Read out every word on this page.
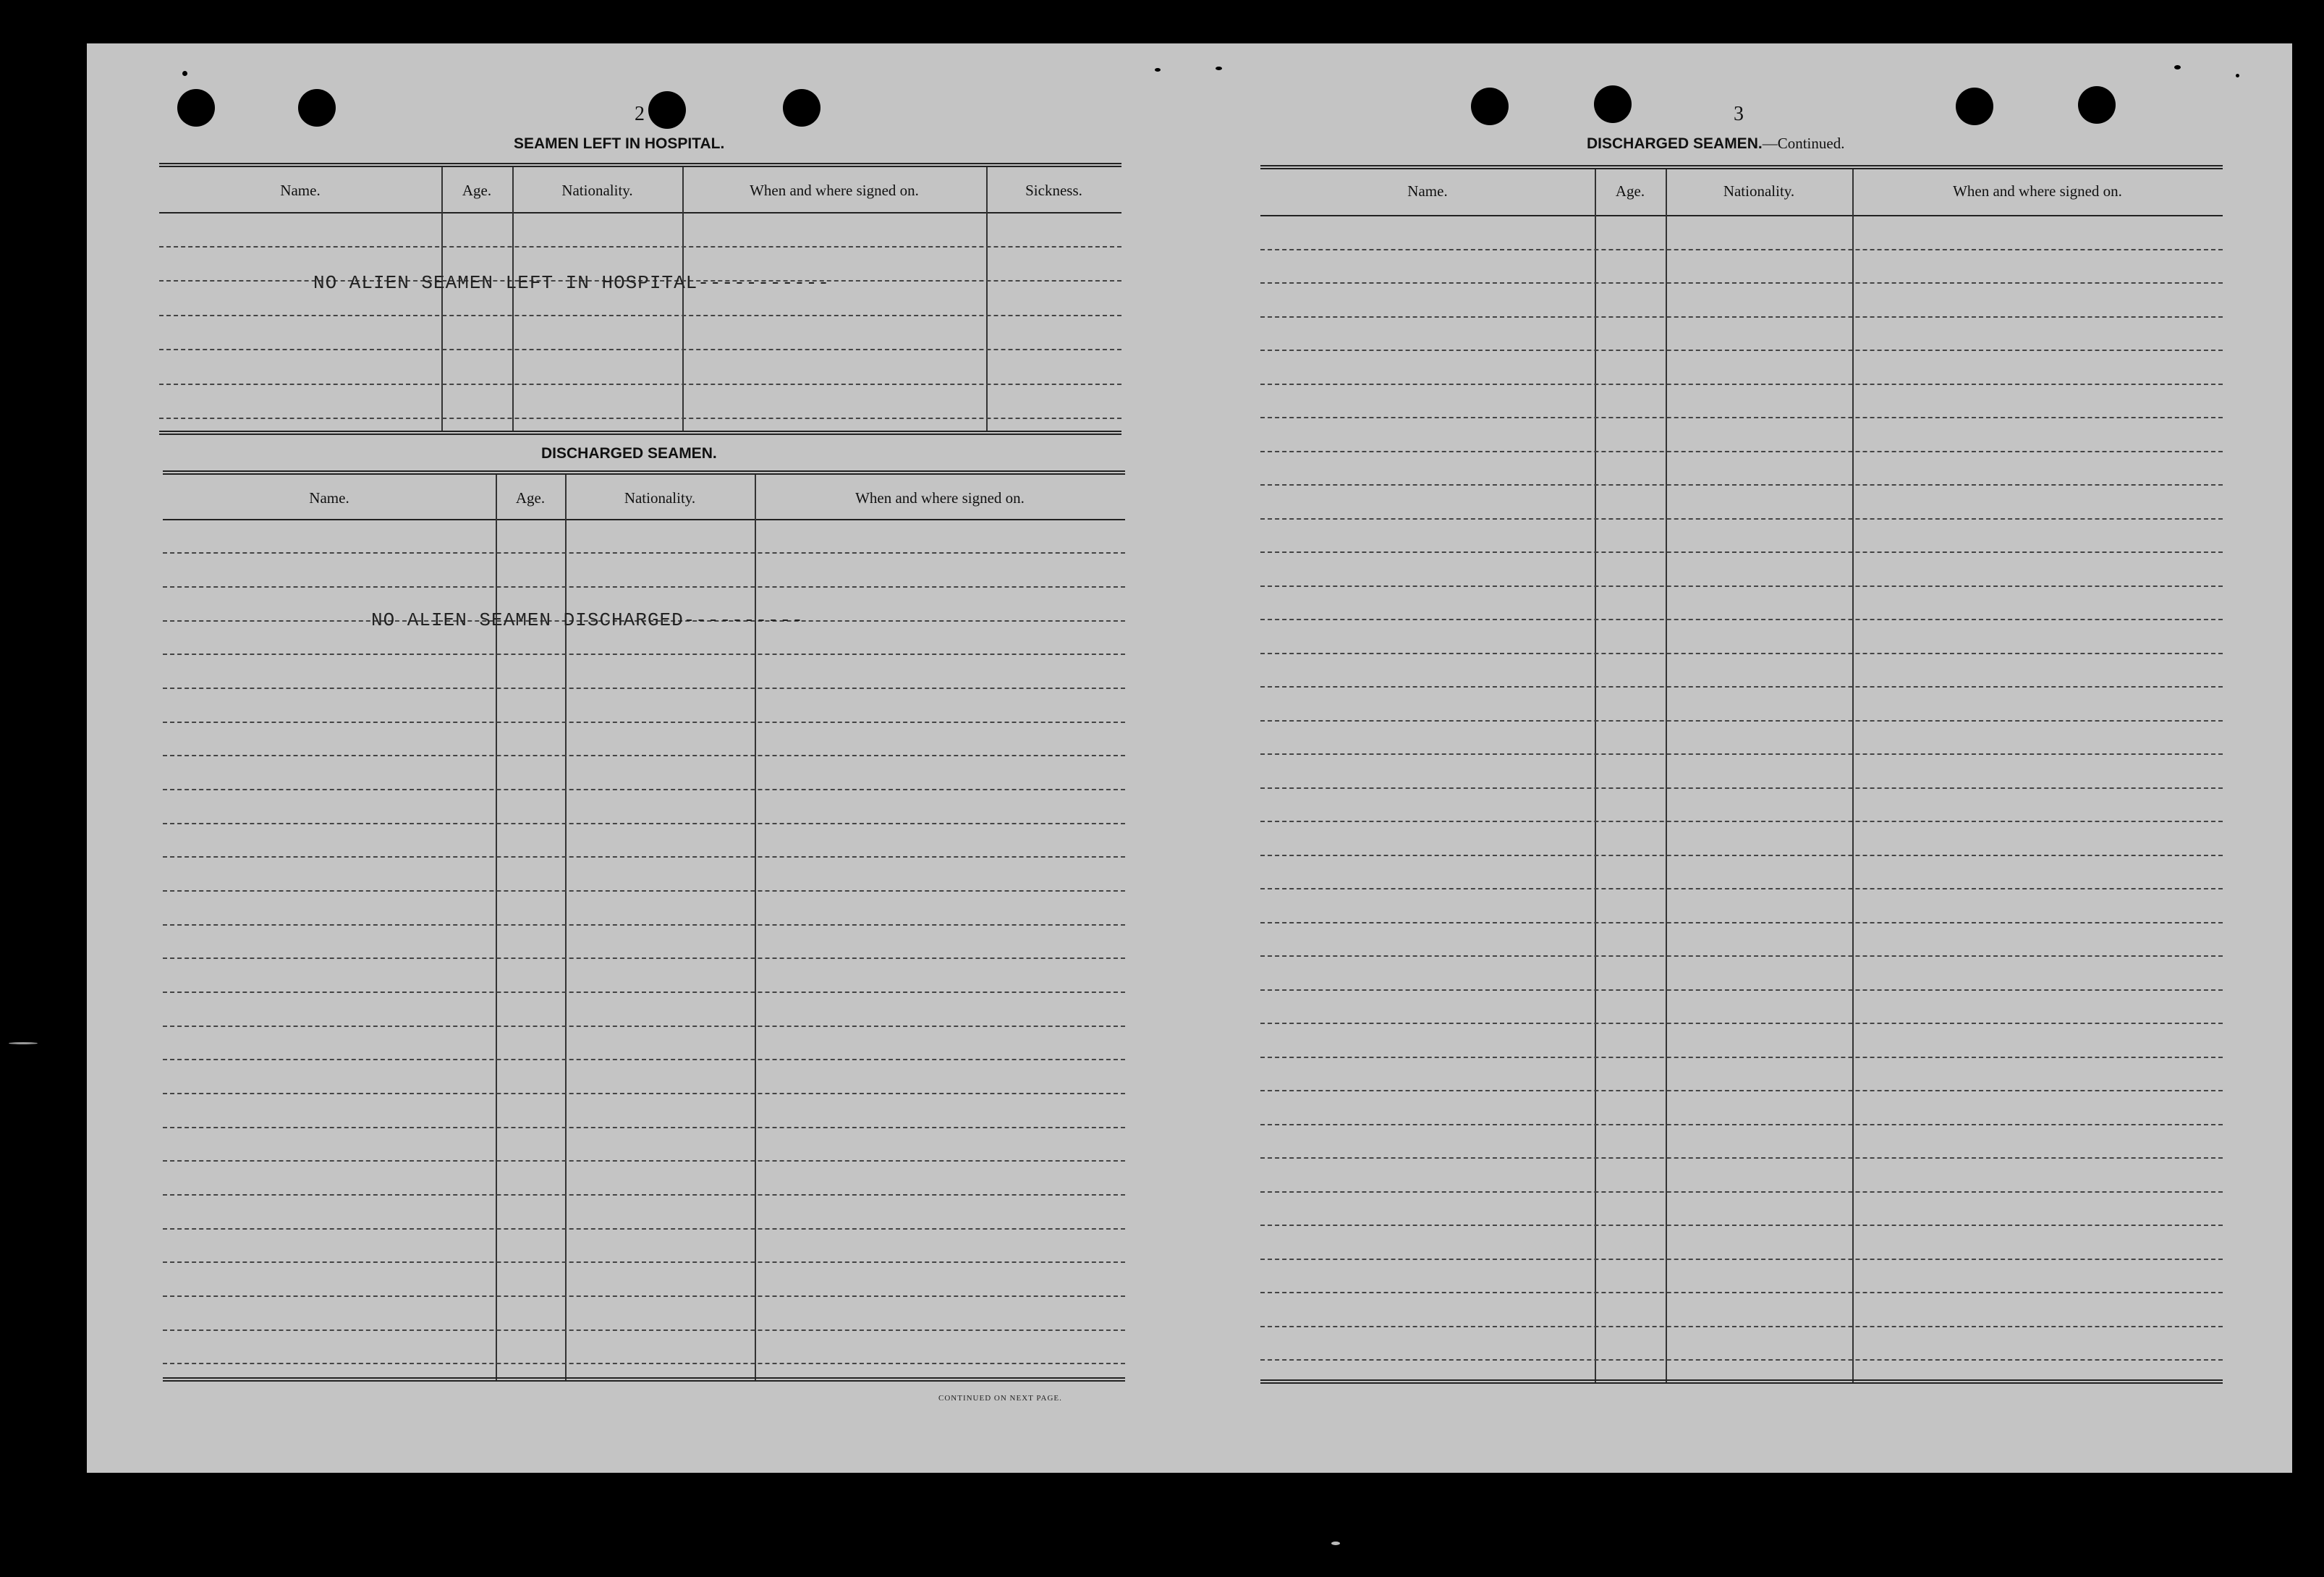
2
SEAMEN LEFT IN HOSPITAL.
Name.	Age.	Nationality.	When and where signed on.	Sickness.
NO ALIEN SEAMEN LEFT IN HOSPITAL-----------
DISCHARGED SEAMEN.
Name.	Age.	Nationality.	When and where signed on.
NO ALIEN SEAMEN DISCHARGED----------
CONTINUED ON NEXT PAGE.
3
DISCHARGED SEAMEN.—Continued.
Name.	Age.	Nationality.	When and where signed on.
